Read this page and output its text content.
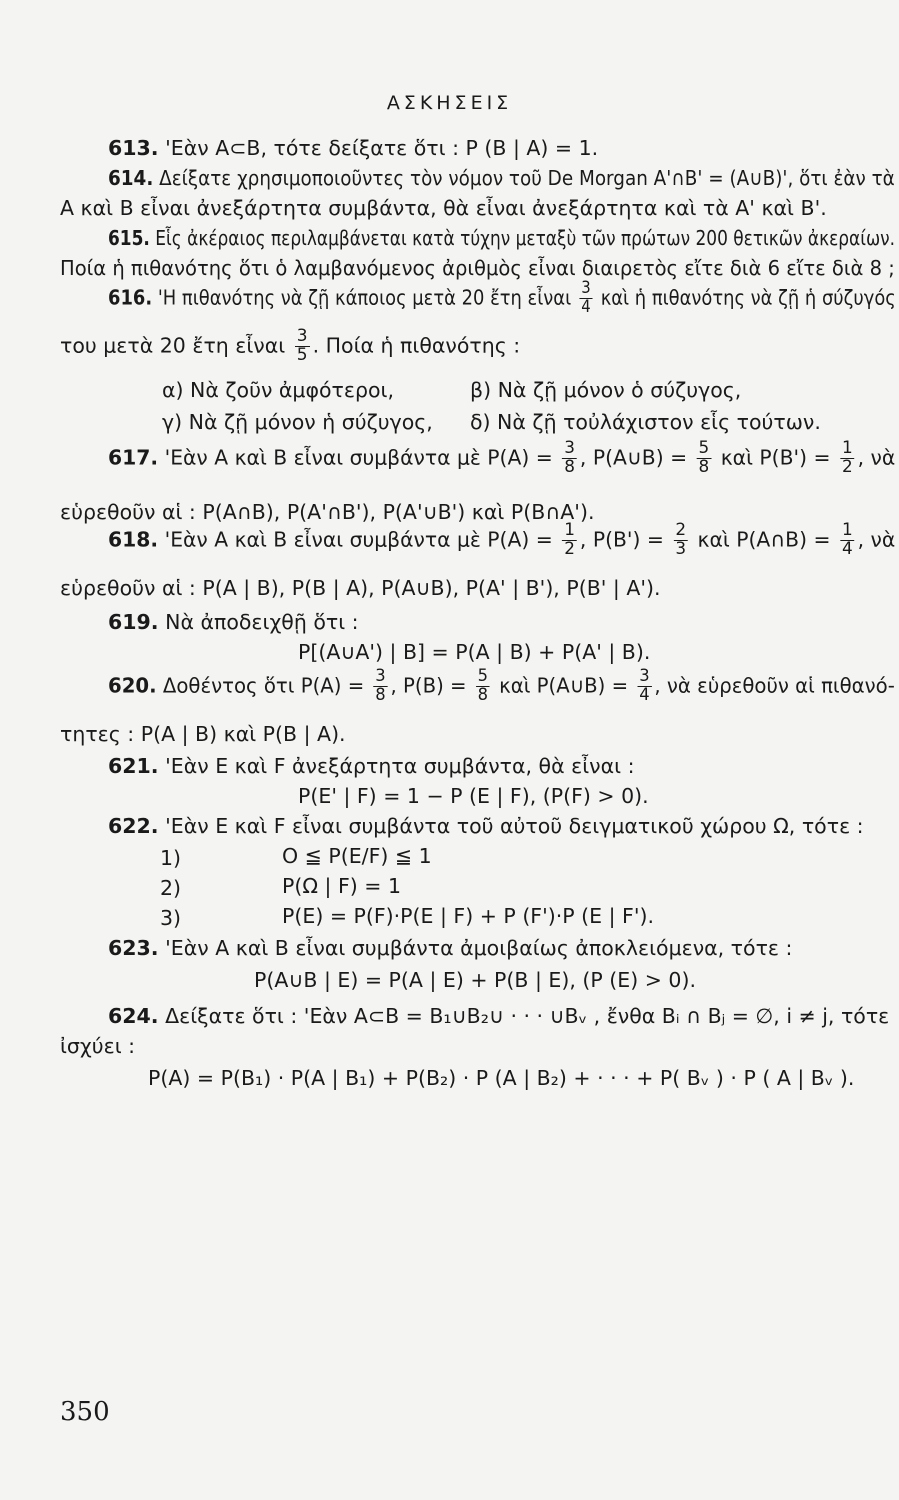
ΑΣΚΗΣΕΙΣ
613. 'Εὰν A⊂B, τότε δείξατε ὅτι : P (B | A) = 1.
614. Δείξατε χρησιμοποιοῦντες τὸν νόμον τοῦ De Morgan A'∩B' = (A∪B)', ὅτι ἐὰν τὰ
A καὶ B εἶναι ἀνεξάρτητα συμβάντα, θὰ εἶναι ἀνεξάρτητα καὶ τὰ A' καὶ B'.
615. Εἷς ἀκέραιος περιλαμβάνεται κατὰ τύχην μεταξὺ τῶν πρώτων 200 θετικῶν ἀκεραίων.
Ποία ἡ πιθανότης ὅτι ὁ λαμβανόμενος ἀριθμὸς εἶναι διαιρετὸς εἴτε διὰ 6 εἴτε διὰ 8 ;
616. 'Η πιθανότης νὰ ζῇ κάποιος μετὰ 20 ἔτη εἶναι $\frac{3}{4}$ καὶ ἡ πιθανότης νὰ ζῇ ἡ σύζυγός
του μετὰ 20 ἔτη εἶναι $\frac{3}{5}$ . Ποία ἡ πιθανότης :
α) Νὰ ζοῦν ἀμφότεροι,	β) Νὰ ζῇ μόνον ὁ σύζυγος,
γ) Νὰ ζῇ μόνον ἡ σύζυγος, δ) Νὰ ζῇ τοὐλάχιστον εἷς τούτων.
617. 'Εὰν A καὶ B εἶναι συμβάντα μὲ $P(A) = \frac{3}{8}$ , P(A∪B) = $\frac{5}{8}$ καὶ $P(B') = \frac{1}{2}$ , νὰ
εὑρεθοῦν αἱ : P(A∩B), P(A'∩B'), P(A'∪B') καὶ P(B∩A').
618. 'Εὰν A καὶ B εἶναι συμβάντα μὲ $P(A) = \frac{1}{2}$ , $P(B') = \frac{2}{3}$ καὶ P(A∩B) = $\frac{1}{4}$ , νὰ
εὑρεθοῦν αἱ : P(A | B), P(B | A), P(A∪B), P(A' | B'), P(B' | A').
619. Νὰ ἀποδειχθῇ ὅτι :
P[(A∪A') | B] = P(A | B) + P(A' | B).
620. Δοθέντος ὅτι $P(A) = \frac{3}{8}$ , $P(B) = \frac{5}{8}$ καὶ P(A∪B) = $\frac{3}{4}$ , νὰ εὑρεθοῦν αἱ πιθανό-
τητες : P(A | B) καὶ P(B | A).
621. 'Εὰν E καὶ F ἀνεξάρτητα συμβάντα, θὰ εἶναι :
P(E' | F) = 1 − P (E | F), (P(F) > 0).
622. 'Εὰν E καὶ F εἶναι συμβάντα τοῦ αὐτοῦ δειγματικοῦ χώρου Ω, τότε :
1)	O ≦ P(E/F) ≦ 1
2)	P(Ω | F) = 1
3)	P(E) = P(F)·P(E | F) + P (F')·P (E | F').
623. 'Εὰν A καὶ B εἶναι συμβάντα ἀμοιβαίως ἀποκλειόμενα, τότε :
P(A∪B | E) = P(A | E) + P(B | E), (P (E) > 0).
624. Δείξατε ὅτι : 'Εὰν A⊂B = B₁∪B₂∪ · · · ∪Bᵥ , ἔνθα Bᵢ ∩ Bⱼ = ∅, i ≠ j, τότε
ἰσχύει :
P(A) = P(B₁) · P(A | B₁) + P(B₂) · P (A | B₂) + · · · + P( Bᵥ ) · P ( A | Bᵥ ).
350
